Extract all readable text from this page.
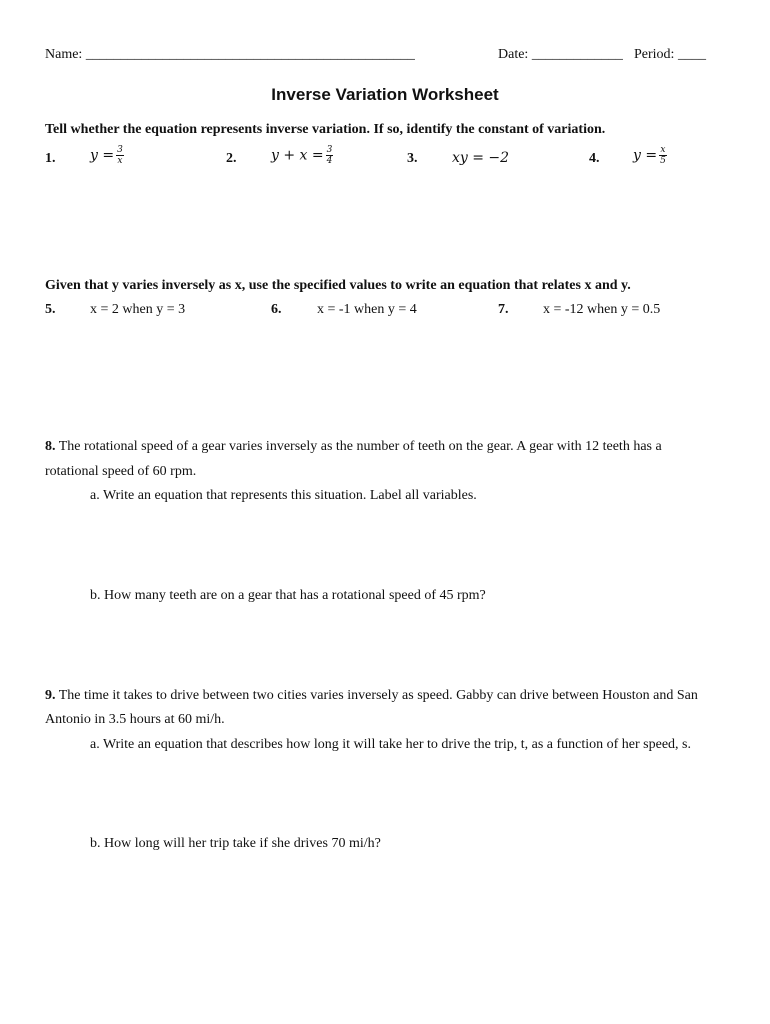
Name: _______________________________________________	Date: _____________ Period: ____
Inverse Variation Worksheet
Tell whether the equation represents inverse variation. If so, identify the constant of variation.
1. $y = \frac{3}{x}$	2. $y + x = \frac{3}{4}$	3. xy = −2	4. $y = \frac{x}{5}$
Given that y varies inversely as x, use the specified values to write an equation that relates x and y.
5. x = 2 when y = 3	6.	x = -1 when y = 4	7. x = -12 when y = 0.5
8. The rotational speed of a gear varies inversely as the number of teeth on the gear. A gear with 12 teeth has a
rotational speed of 60 rpm.
a. Write an equation that represents this situation. Label all variables.
b. How many teeth are on a gear that has a rotational speed of 45 rpm?
9. The time it takes to drive between two cities varies inversely as speed. Gabby can drive between Houston and San
Antonio in 3.5 hours at 60 mi/h.
a. Write an equation that describes how long it will take her to drive the trip, t, as a function of her speed, s.
b. How long will her trip take if she drives 70 mi/h?
